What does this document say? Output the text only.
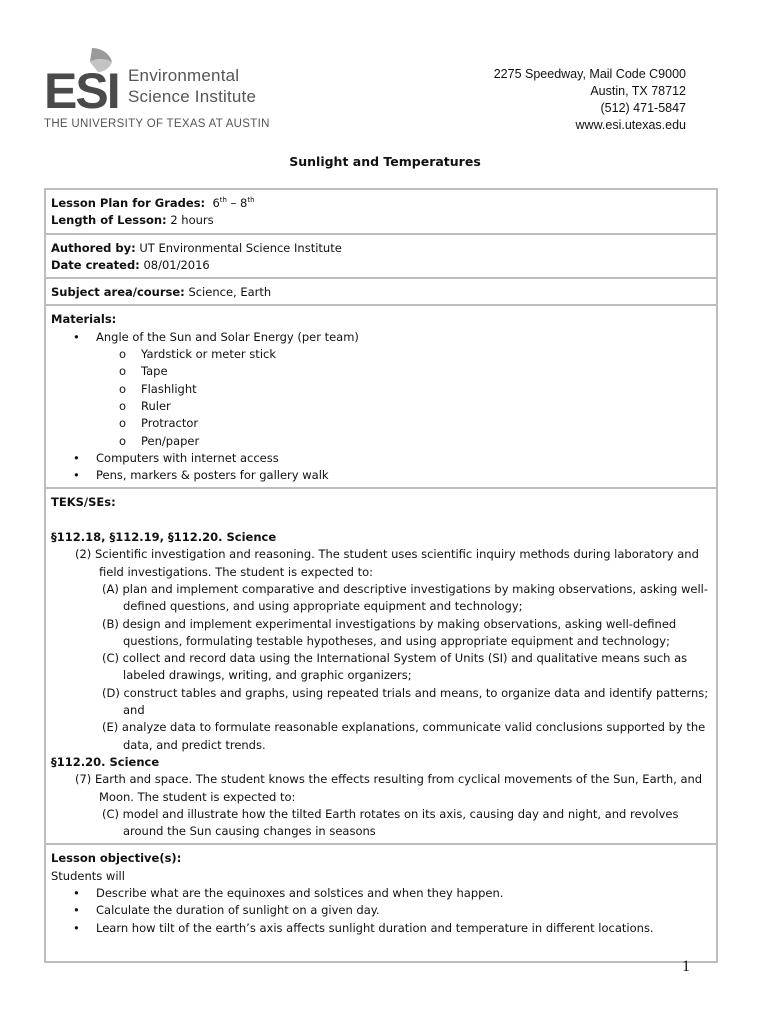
ESI Environmental
Science Institute
THE UNIVERSITY OF TEXAS AT AUSTIN
2275 Speedway, Mail Code C9000
Austin, TX 78712
(512) 471-5847
www.esi.utexas.edu
Sunlight and Temperatures
Lesson Plan for Grades: 6th – 8th
Length of Lesson: 2 hours
Authored by: UT Environmental Science Institute
Date created: 08/01/2016
Subject area/course: Science, Earth
Materials:
• Angle of the Sun and Solar Energy (per team)
o Yardstick or meter stick
o Tape
o Flashlight
o Ruler
o Protractor
o Pen/paper
• Computers with internet access
• Pens, markers & posters for gallery walk
TEKS/SEs:
§112.18, §112.19, §112.20. Science
(2) Scientific investigation and reasoning. The student uses scientific inquiry methods during laboratory and field investigations. The student is expected to:
(A) plan and implement comparative and descriptive investigations by making observations, asking well-defined questions, and using appropriate equipment and technology;
(B) design and implement experimental investigations by making observations, asking well-defined questions, formulating testable hypotheses, and using appropriate equipment and technology;
(C) collect and record data using the International System of Units (SI) and qualitative means such as labeled drawings, writing, and graphic organizers;
(D) construct tables and graphs, using repeated trials and means, to organize data and identify patterns; and
(E) analyze data to formulate reasonable explanations, communicate valid conclusions supported by the data, and predict trends.
§112.20. Science
(7) Earth and space. The student knows the effects resulting from cyclical movements of the Sun, Earth, and Moon. The student is expected to:
(C) model and illustrate how the tilted Earth rotates on its axis, causing day and night, and revolves around the Sun causing changes in seasons
Lesson objective(s):
Students will
• Describe what are the equinoxes and solstices and when they happen.
• Calculate the duration of sunlight on a given day.
• Learn how tilt of the earth’s axis affects sunlight duration and temperature in different locations.
1
